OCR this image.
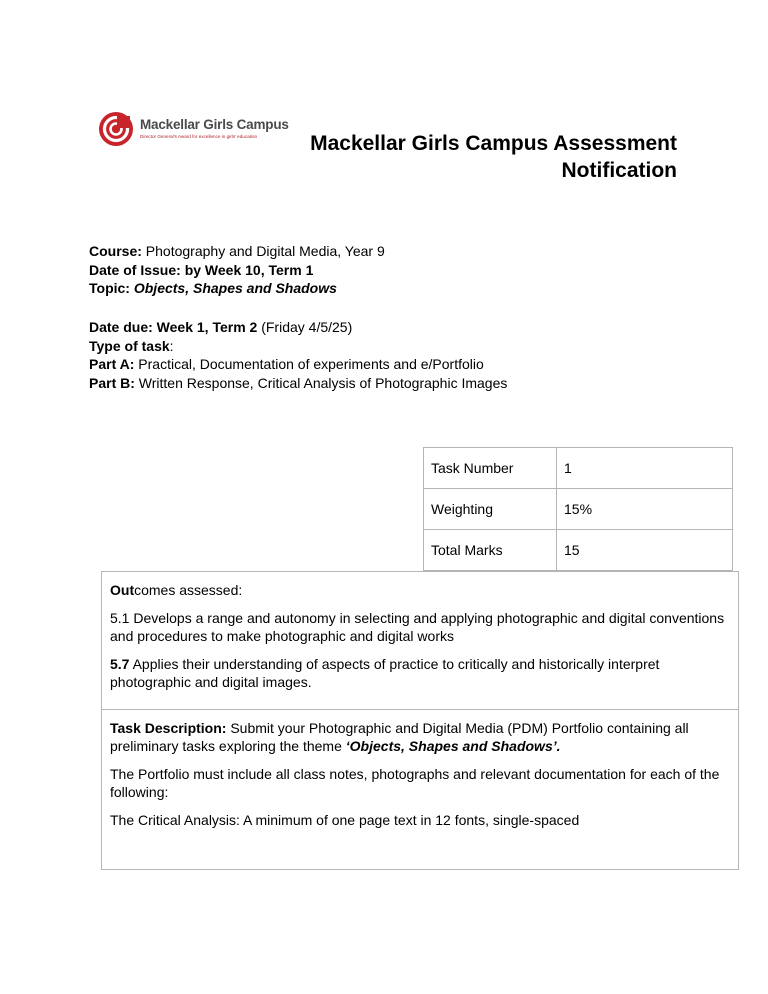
Mackellar Girls Campus
Director General's Award for excellence in girls' education	Mackellar Girls Campus Assessment
Notification
Course: Photography and Digital Media, Year 9
Date of Issue: by Week 10, Term 1
Topic: Objects, Shapes and Shadows
Date due: Week 1, Term 2 (Friday 4/5/25)
Type of task:
Part A: Practical, Documentation of experiments and e/Portfolio
Part B: Written Response, Critical Analysis of Photographic Images
Task Number	1
Weighting	15%
Total Marks	15

Outcomes assessed:

5.1 Develops a range and autonomy in selecting and applying photographic and digital conventions and procedures to make photographic and digital works

5.7 Applies their understanding of aspects of practice to critically and historically interpret photographic and digital images.

Task Description: Submit your Photographic and Digital Media (PDM) Portfolio containing all preliminary tasks exploring the theme ‘Objects, Shapes and Shadows’.

The Portfolio must include all class notes, photographs and relevant documentation for each of the following:

The Critical Analysis: A minimum of one page text in 12 fonts, single-spaced
